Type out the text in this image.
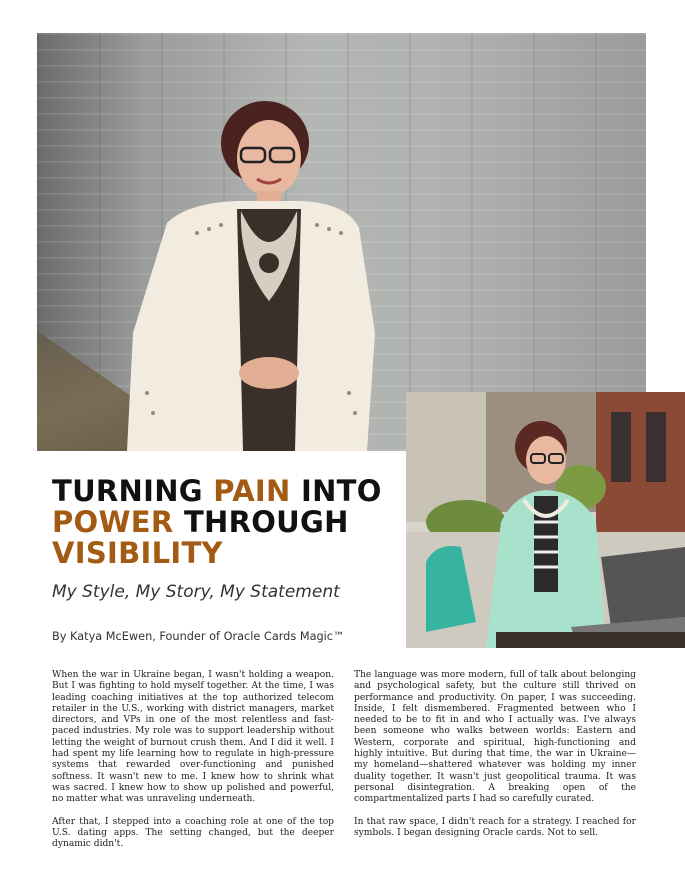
TURNING PAIN INTO
POWER THROUGH
VISIBILITY
My Style, My Story, My Statement
By Katya McEwen, Founder of Oracle Cards Magic™

When the war in Ukraine began, I wasn't holding a weapon. But I was fighting to hold myself together. At the time, I was leading coaching initiatives at the top authorized telecom retailer in the U.S., working with district managers, market directors, and VPs in one of the most relentless and fast-paced industries. My role was to support leadership without letting the weight of burnout crush them. And I did it well. I had spent my life learning how to regulate in high-pressure systems that rewarded over-functioning and punished softness. It wasn't new to me. I knew how to shrink what was sacred. I knew how to show up polished and powerful, no matter what was unraveling underneath.

After that, I stepped into a coaching role at one of the top U.S. dating apps. The setting changed, but the deeper dynamic didn't.

The language was more modern, full of talk about belonging and psychological safety, but the culture still thrived on performance and productivity. On paper, I was succeeding. Inside, I felt dismembered. Fragmented between who I needed to be to fit in and who I actually was. I've always been someone who walks between worlds: Eastern and Western, corporate and spiritual, high-functioning and highly intuitive. But during that time, the war in Ukraine—my homeland—shattered whatever was holding my inner duality together. It wasn't just geopolitical trauma. It was personal disintegration. A breaking open of the compartmentalized parts I had so carefully curated.

In that raw space, I didn't reach for a strategy. I reached for symbols. I began designing Oracle cards. Not to sell.
